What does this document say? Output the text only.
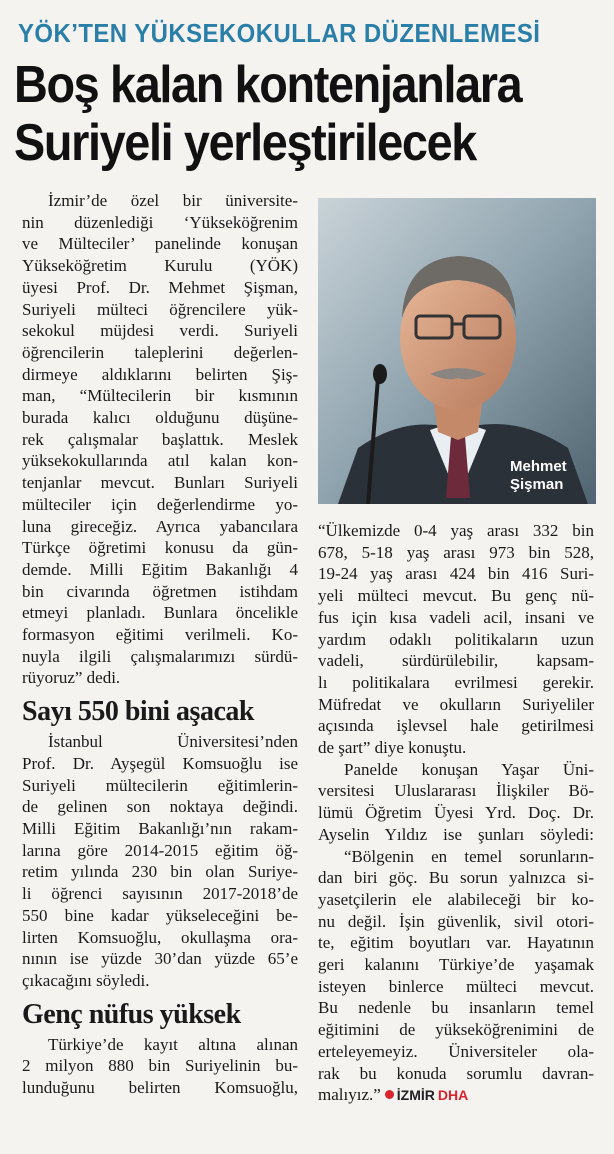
YÖK’TEN YÜKSEKOKULLAR DÜZENLEMESİ
Boş kalan kontenjanlara
Suriyeli yerleştirilecek
Mehmet
Şişman
İzmir’de özel bir üniversite-
nin düzenlediği ‘Yükseköğrenim
ve Mülteciler’ panelinde konuşan
Yükseköğretim Kurulu (YÖK)
üyesi Prof. Dr. Mehmet Şişman,
Suriyeli mülteci öğrencilere yük-
sekokul müjdesi verdi. Suriyeli
öğrencilerin taleplerini değerlen-
dirmeye aldıklarını belirten Şiş-
man, “Mültecilerin bir kısmının
burada kalıcı olduğunu düşüne-
rek çalışmalar başlattık. Meslek
yüksekokullarında atıl kalan kon-
tenjanlar mevcut. Bunları Suriyeli
mülteciler için değerlendirme yo-
luna gireceğiz. Ayrıca yabancılara
Türkçe öğretimi konusu da gün-
demde. Milli Eğitim Bakanlığı 4
bin civarında öğretmen istihdam
etmeyi planladı. Bunlara öncelikle
formasyon eğitimi verilmeli. Ko-
nuyla ilgili çalışmalarımızı sürdü-
rüyoruz” dedi.
Sayı 550 bini aşacak
İstanbul Üniversitesi’nden
Prof. Dr. Ayşegül Komsuoğlu ise
Suriyeli mültecilerin eğitimlerin-
de gelinen son noktaya değindi.
Milli Eğitim Bakanlığı’nın rakam-
larına göre 2014-2015 eğitim öğ-
retim yılında 230 bin olan Suriye-
li öğrenci sayısının 2017-2018’de
550 bine kadar yükseleceğini be-
lirten Komsuoğlu, okullaşma ora-
nının ise yüzde 30’dan yüzde 65’e
çıkacağını söyledi.
Genç nüfus yüksek
Türkiye’de kayıt altına alınan
2 milyon 880 bin Suriyelinin bu-
lunduğunu belirten Komsuoğlu,
“Ülkemizde 0-4 yaş arası 332 bin
678, 5-18 yaş arası 973 bin 528,
19-24 yaş arası 424 bin 416 Suri-
yeli mülteci mevcut. Bu genç nü-
fus için kısa vadeli acil, insani ve
yardım odaklı politikaların uzun
vadeli, sürdürülebilir, kapsam-
lı politikalara evrilmesi gerekir.
Müfredat ve okulların Suriyeliler
açısında işlevsel hale getirilmesi
de şart” diye konuştu.
Panelde konuşan Yaşar Üni-
versitesi Uluslararası İlişkiler Bö-
lümü Öğretim Üyesi Yrd. Doç. Dr.
Ayselin Yıldız ise şunları söyledi:
“Bölgenin en temel sorunların-
dan biri göç. Bu sorun yalnızca si-
yasetçilerin ele alabileceği bir ko-
nu değil. İşin güvenlik, sivil otori-
te, eğitim boyutları var. Hayatının
geri kalanını Türkiye’de yaşamak
isteyen binlerce mülteci mevcut.
Bu nedenle bu insanların temel
eğitimini de yükseköğrenimini de
erteleyemeyiz. Üniversiteler ola-
rak bu konuda sorumlu davran-
malıyız.” İZMİR DHA
